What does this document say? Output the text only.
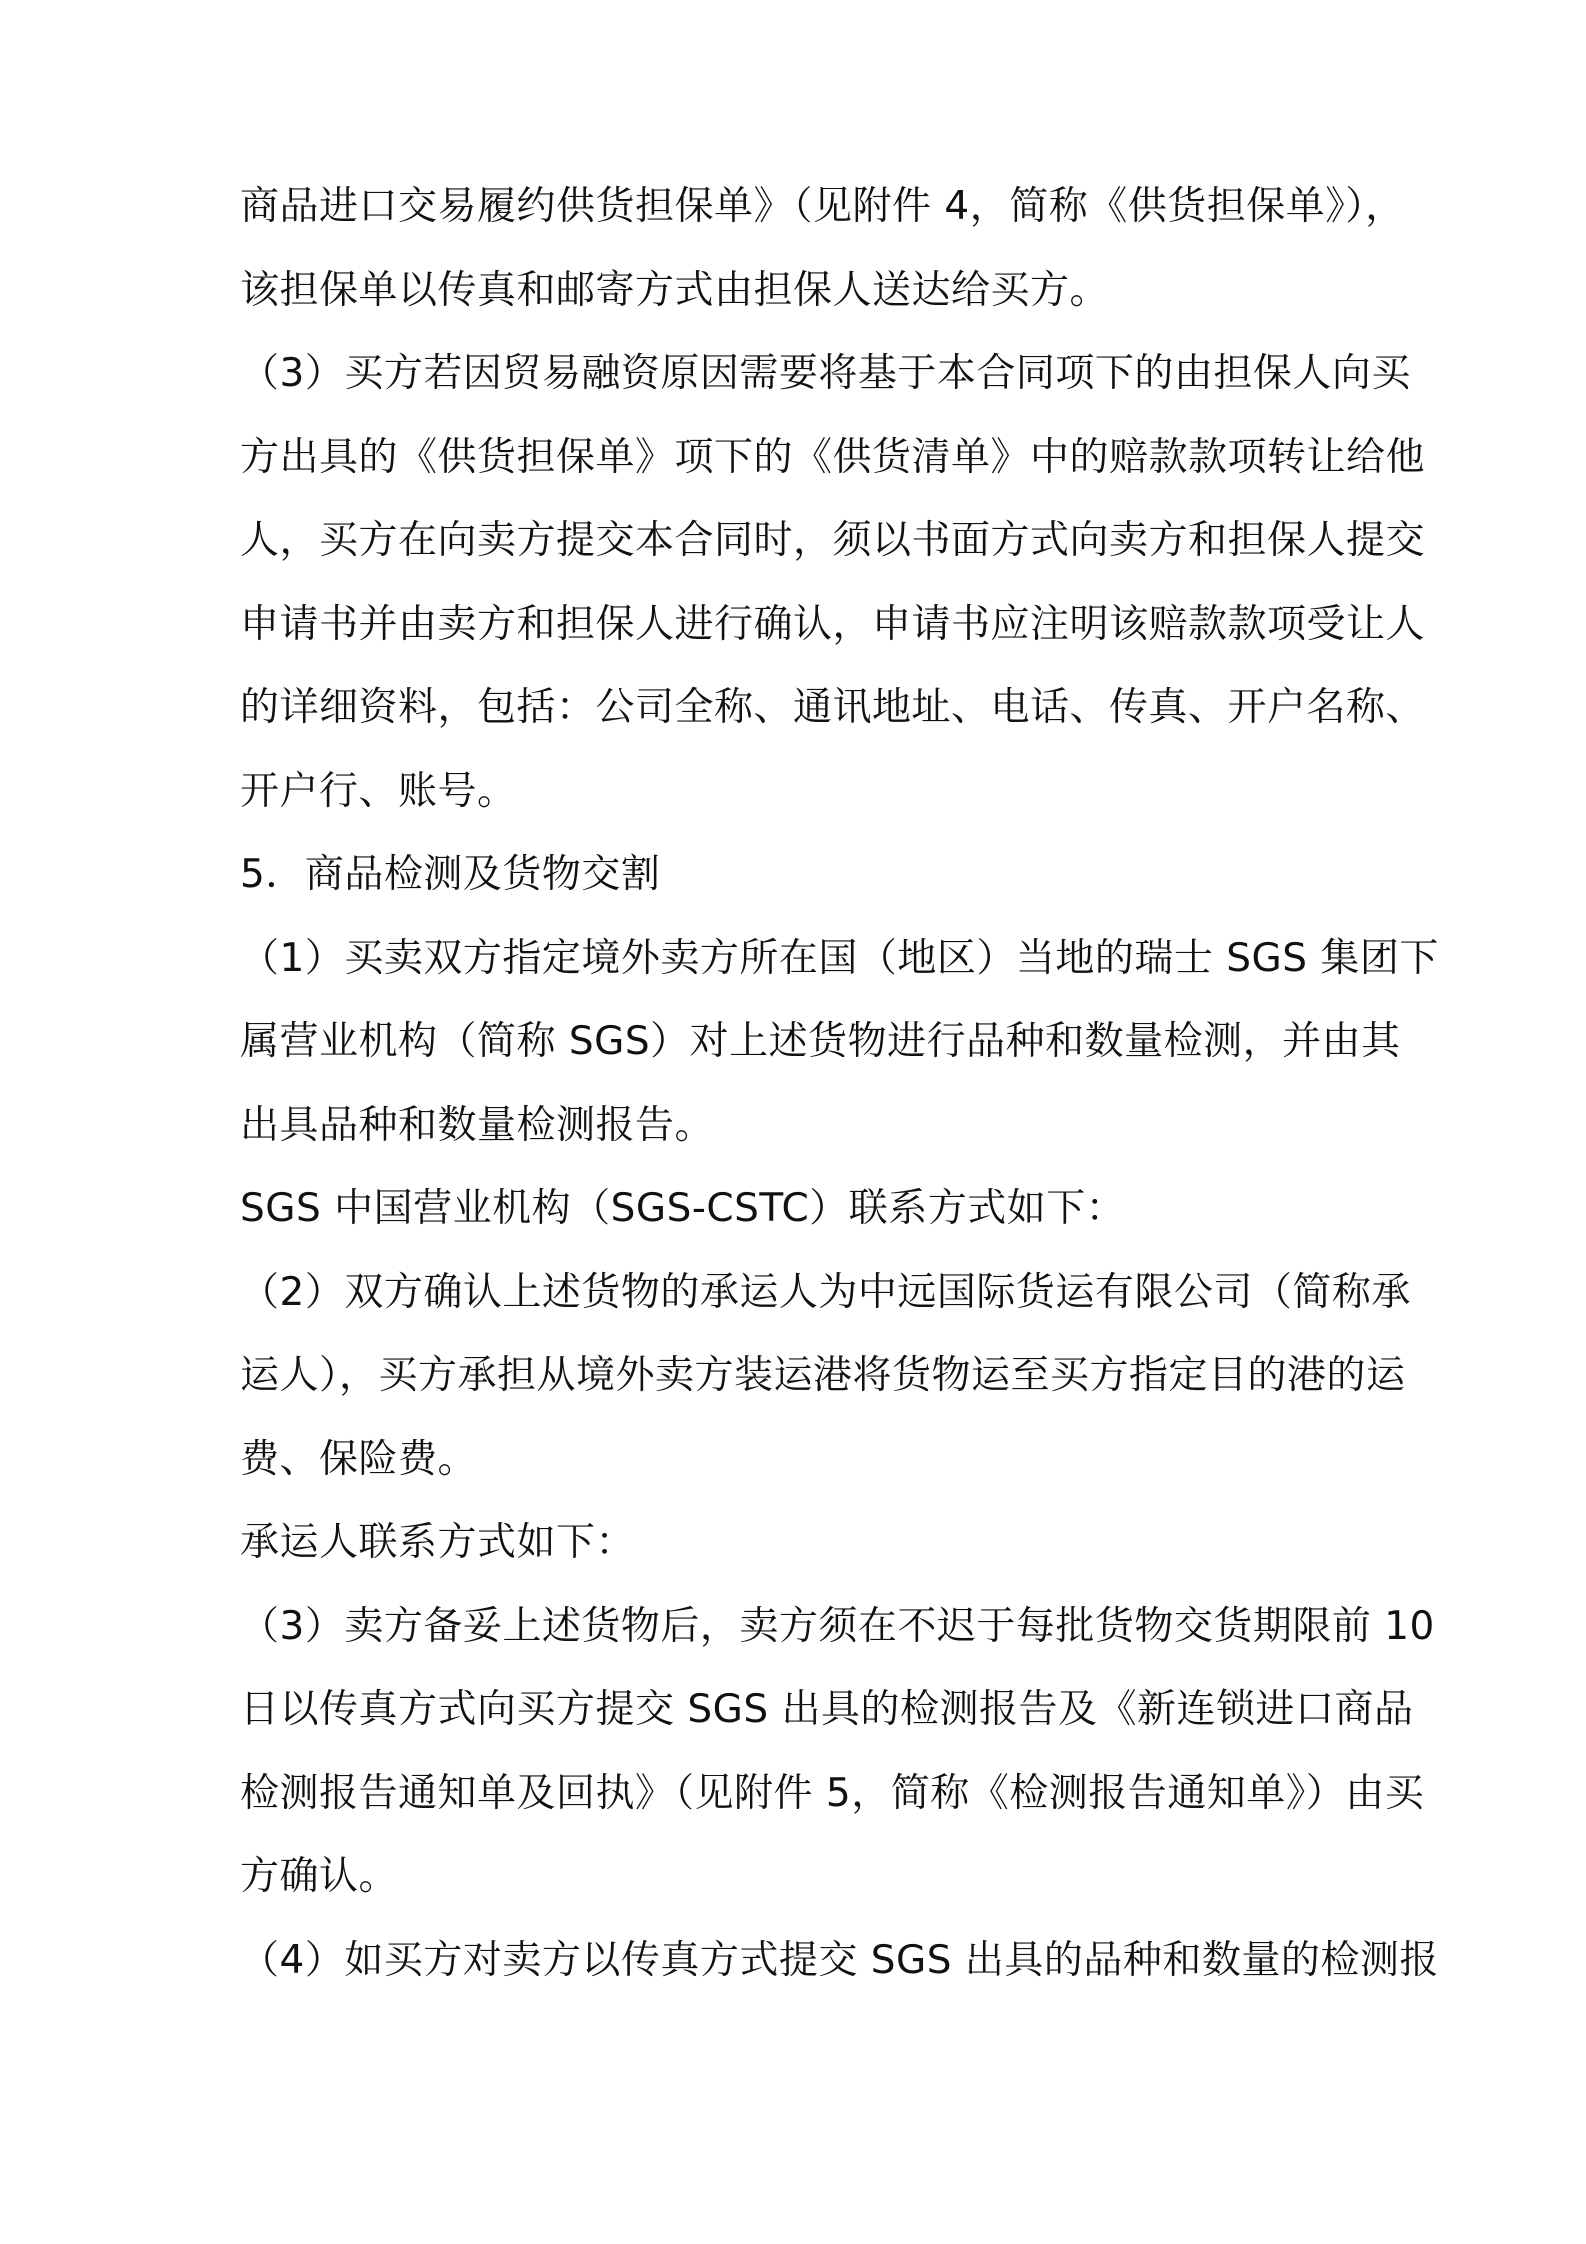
商品进口交易履约供货担保单》（见附件 4，简称《供货担保单》），
该担保单以传真和邮寄方式由担保人送达给买方。
（3）买方若因贸易融资原因需要将基于本合同项下的由担保人向买
方出具的《供货担保单》项下的《供货清单》中的赔款款项转让给他
人，买方在向卖方提交本合同时，须以书面方式向卖方和担保人提交
申请书并由卖方和担保人进行确认，申请书应注明该赔款款项受让人
的详细资料，包括：公司全称、通讯地址、电话、传真、开户名称、
开户行、账号。
5．商品检测及货物交割
（1）买卖双方指定境外卖方所在国（地区）当地的瑞士 SGS 集团下
属营业机构（简称 SGS）对上述货物进行品种和数量检测，并由其
出具品种和数量检测报告。
SGS 中国营业机构（SGS-CSTC）联系方式如下：
（2）双方确认上述货物的承运人为中远国际货运有限公司（简称承
运人），买方承担从境外卖方装运港将货物运至买方指定目的港的运
费、保险费。
承运人联系方式如下：
（3）卖方备妥上述货物后，卖方须在不迟于每批货物交货期限前 10
日以传真方式向买方提交 SGS 出具的检测报告及《新连锁进口商品
检测报告通知单及回执》（见附件 5，简称《检测报告通知单》）由买
方确认。
（4）如买方对卖方以传真方式提交 SGS 出具的品种和数量的检测报
